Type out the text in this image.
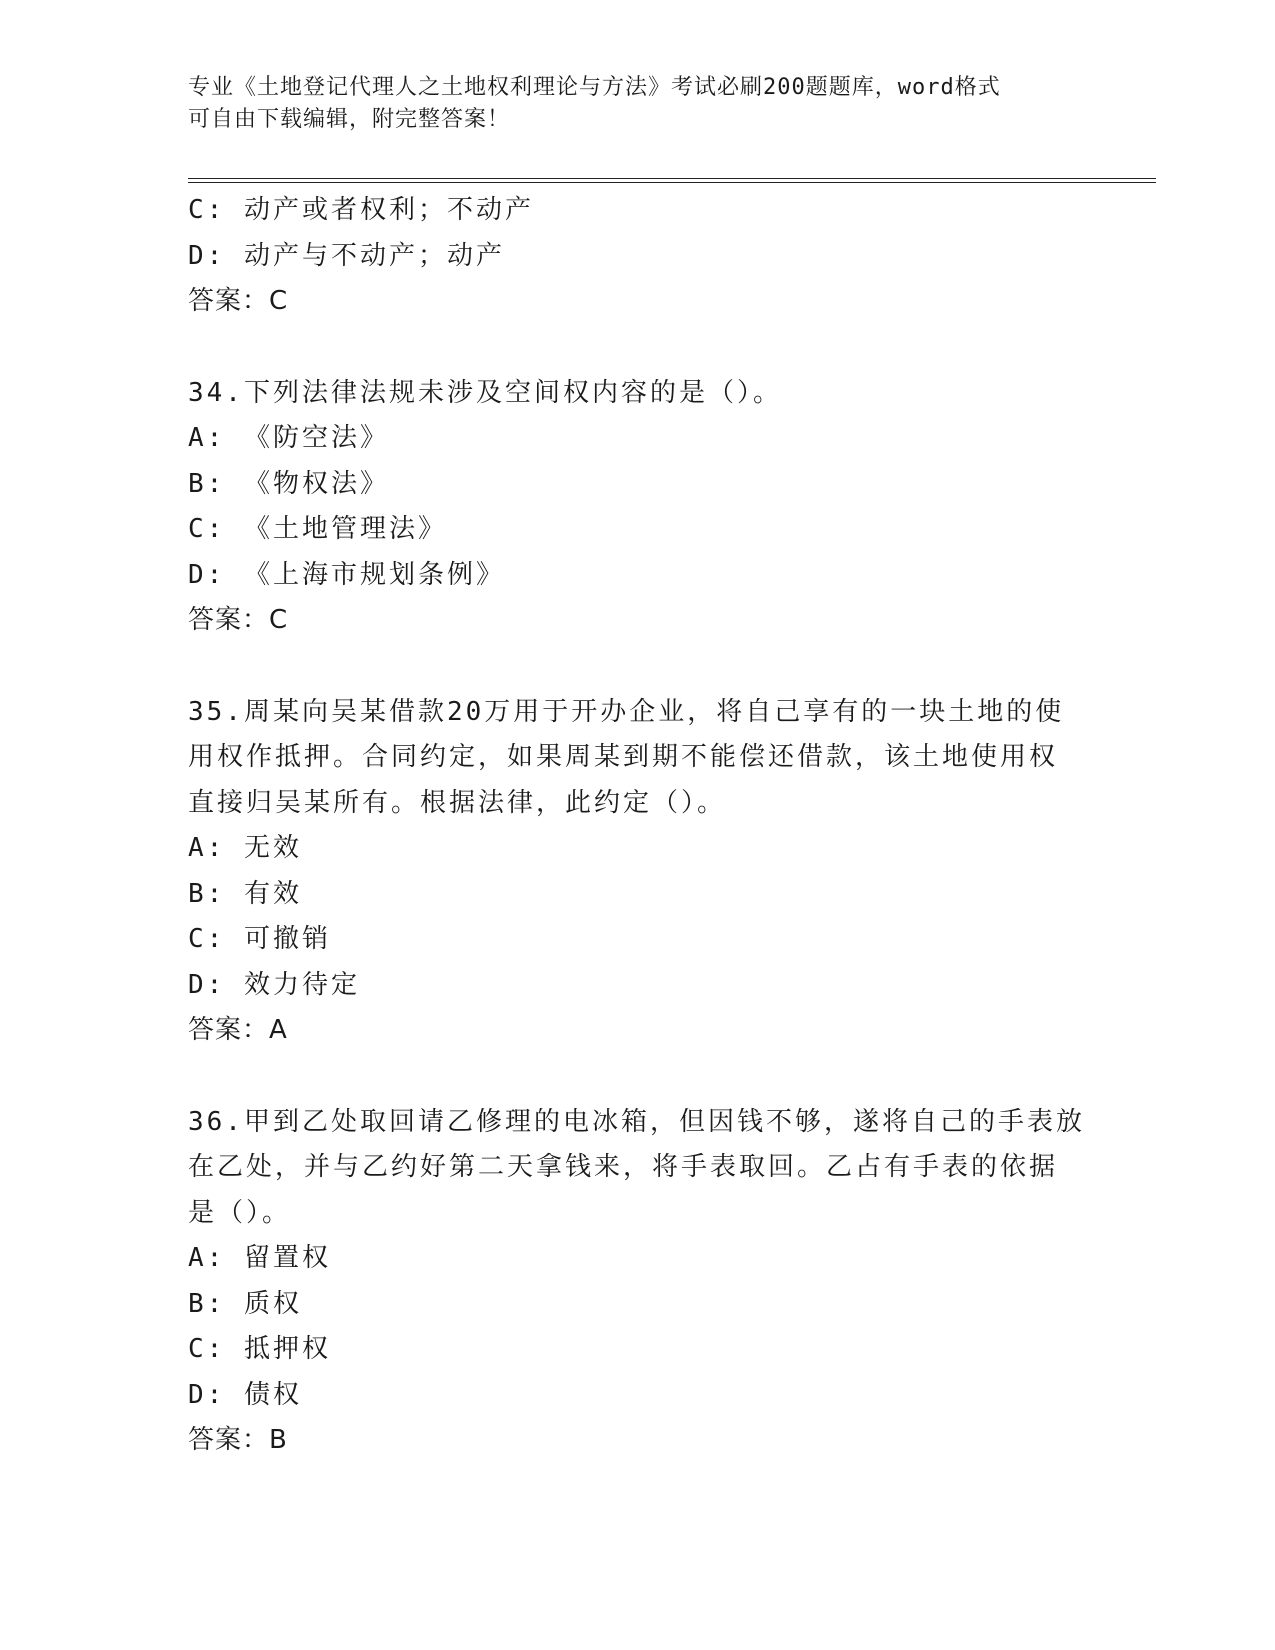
专业《土地登记代理人之土地权利理论与方法》考试必刷200题题库，word格式
可自由下载编辑，附完整答案！
C: 动产或者权利；不动产
D: 动产与不动产；动产
答案：C
34.下列法律法规未涉及空间权内容的是（）。
A: 《防空法》
B: 《物权法》
C: 《土地管理法》
D: 《上海市规划条例》
答案：C
35.周某向吴某借款20万用于开办企业，将自己享有的一块土地的使
用权作抵押。合同约定，如果周某到期不能偿还借款，该土地使用权
直接归吴某所有。根据法律，此约定（）。
A: 无效
B: 有效
C: 可撤销
D: 效力待定
答案：A
36.甲到乙处取回请乙修理的电冰箱，但因钱不够，遂将自己的手表放
在乙处，并与乙约好第二天拿钱来，将手表取回。乙占有手表的依据
是（）。
A: 留置权
B: 质权
C: 抵押权
D: 债权
答案：B
